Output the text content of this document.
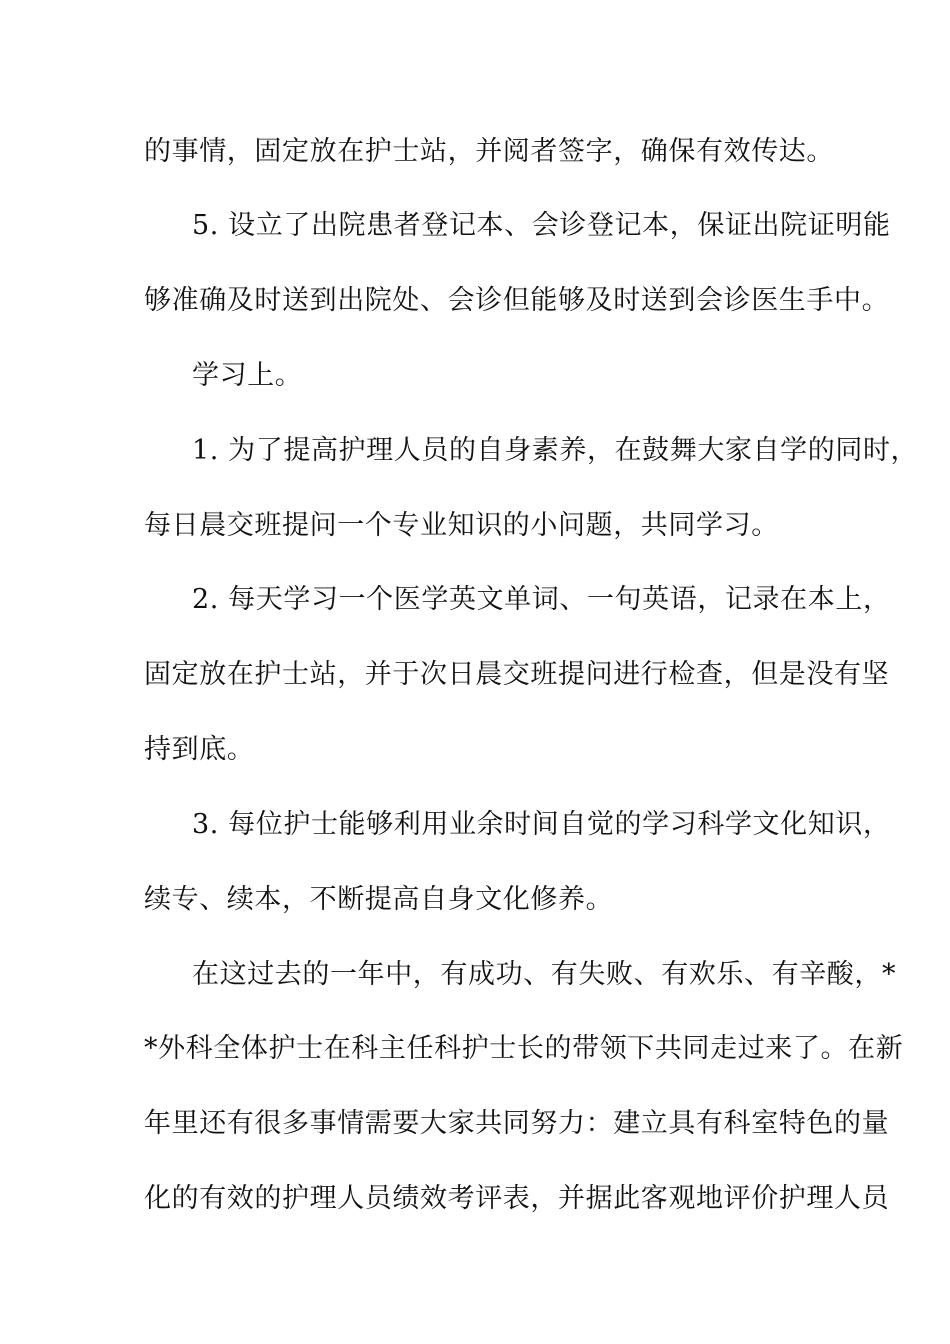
的事情，固定放在护士站，并阅者签字，确保有效传达。
5. 设立了出院患者登记本、会诊登记本，保证出院证明能
够准确及时送到出院处、会诊但能够及时送到会诊医生手中。
学习上。
1. 为了提高护理人员的自身素养，在鼓舞大家自学的同时，
每日晨交班提问一个专业知识的小问题，共同学习。
2. 每天学习一个医学英文单词、一句英语，记录在本上，
固定放在护士站，并于次日晨交班提问进行检查，但是没有坚
持到底。
3. 每位护士能够利用业余时间自觉的学习科学文化知识，
续专、续本，不断提高自身文化修养。
在这过去的一年中，有成功、有失败、有欢乐、有辛酸，*
*外科全体护士在科主任科护士长的带领下共同走过来了。在新
年里还有很多事情需要大家共同努力：建立具有科室特色的量
化的有效的护理人员绩效考评表，并据此客观地评价护理人员
